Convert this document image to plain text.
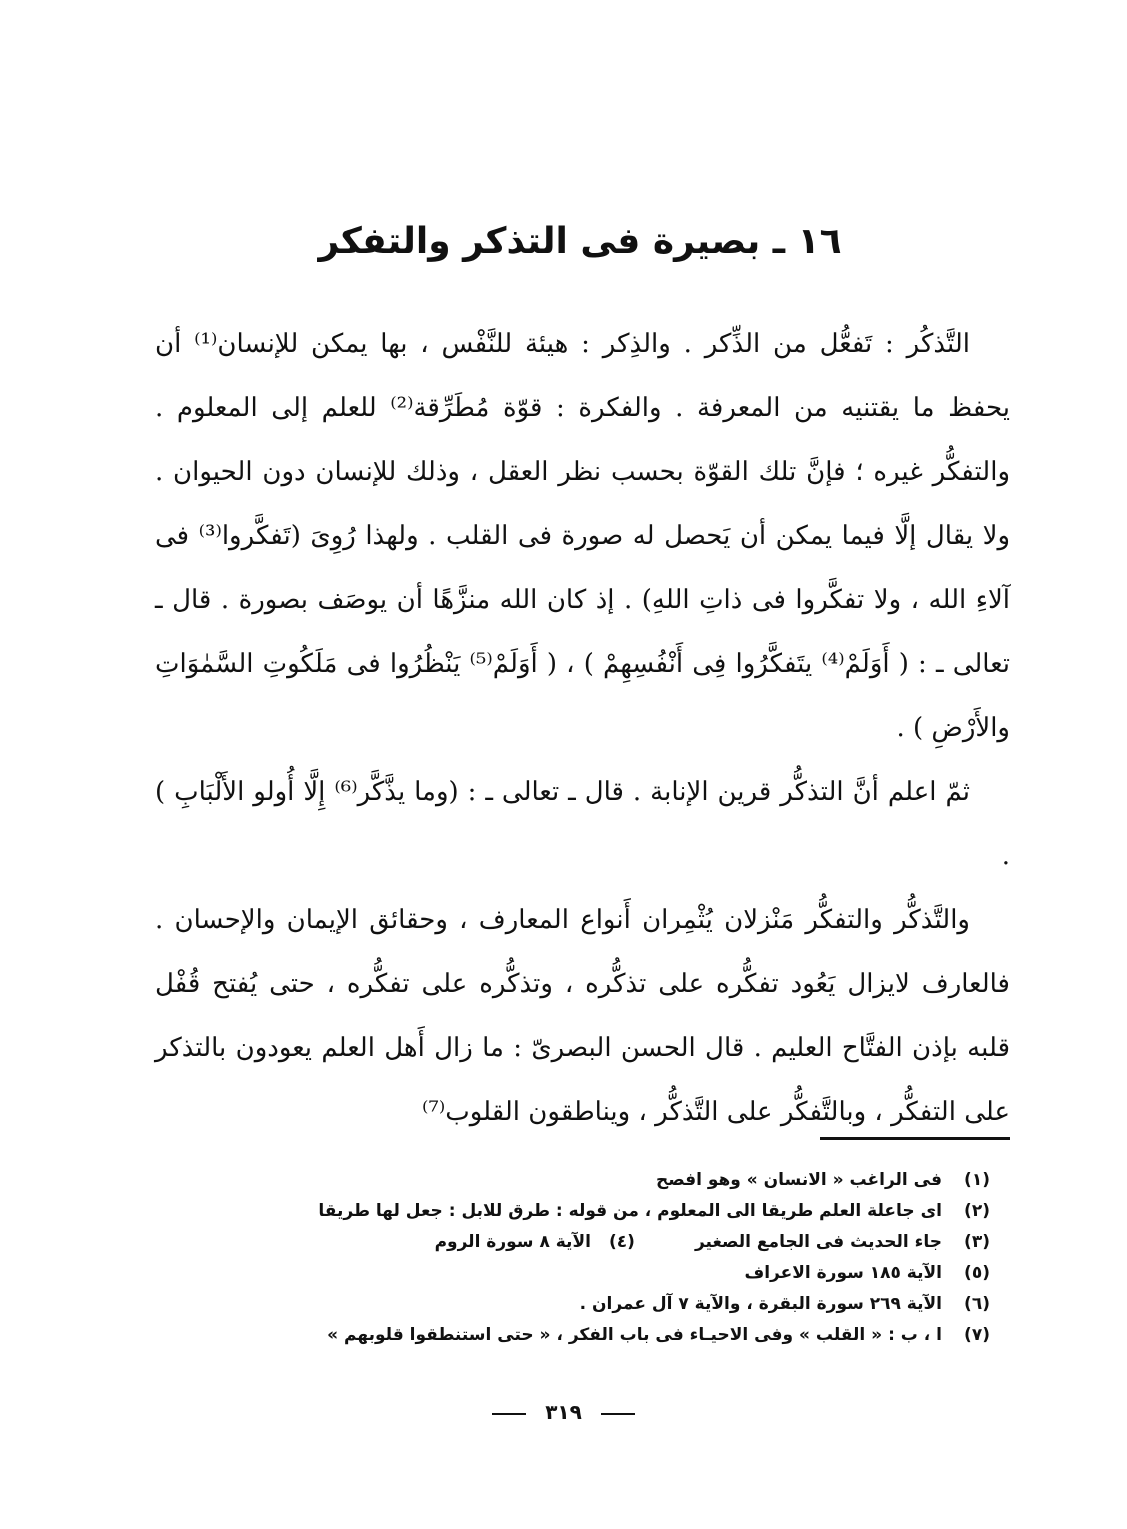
١٦ ـ بصيرة فى التذكر والتفكر

التَّذكُر : تَفعُّل من الذِّكر . والذِكر : هيئة للنَّفْس ، بها يمكن للإنسان⁽¹⁾ أن يحفظ ما يقتنيه من المعرفة . والفكرة : قوّة مُطَرِّقة⁽²⁾ للعلم إلى المعلوم . والتفكُّر غيره ؛ فإنَّ تلك القوّة بحسب نظر العقل ، وذلك للإنسان دون الحيوان . ولا يقال إلَّا فيما يمكن أن يَحصل له صورة فى القلب . ولهذا رُوِىَ (تَفكَّروا⁽³⁾ فى آلاءِ الله ، ولا تفكَّروا فى ذاتِ اللهِ) . إذ كان الله منزَّهًا أن يوصَف بصورة . قال ـ تعالى ـ : ( أَوَلَمْ⁽⁴⁾ يتَفكَّرُوا فِى أَنْفُسِهِمْ ) ، ( أَوَلَمْ⁽⁵⁾ يَنْظُرُوا فى مَلَكُوتِ السَّمٰوَاتِ والأَرْضِ ) .

ثمّ اعلم أنَّ التذكُّر قرين الإنابة . قال ـ تعالى ـ : (وما يذَّكَّر⁽⁶⁾ إِلَّا أُولو الأَلْبَابِ ) .

والتَّذكُّر والتفكُّر مَنْزلان يُثْمِران أَنواع المعارف ، وحقائق الإيمان والإحسان . فالعارف لايزال يَعُود تفكُّره على تذكُّره ، وتذكُّره على تفكُّره ، حتى يُفتح قُفْل قلبه بإذن الفتَّاح العليم . قال الحسن البصرىّ : ما زال أَهل العلم يعودون بالتذكر على التفكُّر ، وبالتَّفكُّر على التَّذكُّر ، ويناطقون القلوب⁽⁷⁾

(١)
فى الراغب « الانسان » وهو افصح
(٢)
اى جاعلة العلم طريقا الى المعلوم ، من قوله : طرق للابل : جعل لها طريقا
(٣)
جاء الحديث فى الجامع الصغير
(٤)
الآية ٨ سورة الروم
(٥)
الآية ١٨٥ سورة الاعراف
(٦)
الآية ٢٦٩ سورة البقرة ، والآية ٧ آل عمران .
(٧)
ا ، ب : « القلب » وفى الاحيـاء فى باب الفكر ، « حتى استنطقوا قلوبهم »
٣١٩
